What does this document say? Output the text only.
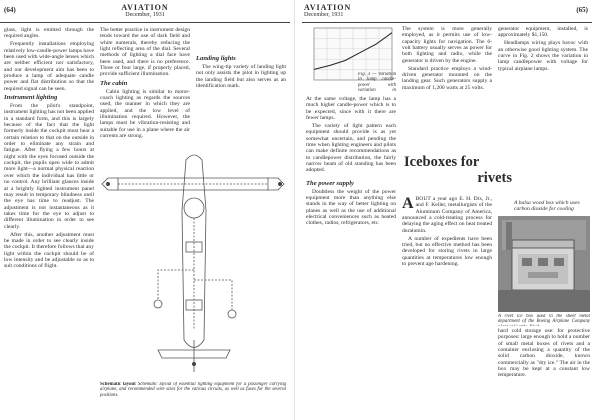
(64)	AVIATION
December, 1931

glass, light is emitted through the required angles.

Frequently installations employing relatively low-candle-power lamps have been used with wide-angle lenses which are neither efficient nor satisfactory, and our development aim has been to produce a lamp of adequate candle power and flat distribution so that the required signal can be seen.

Instrument lighting

From the pilot's standpoint, instrument lighting has not been applied in a standard form, and this is largely because of the fact that the light formerly inside the cockpit must bear a certain relation to that on the outside in order to eliminate any strain and fatigue. After flying a few hours at night with the eyes focused outside the cockpit, the pupils open wide to admit more light—a normal physical reaction over which the individual has little or no control. Any brilliant glances inside at a brightly lighted instrument panel may result in temporary blindness until the eye has time to readjust. The adjustment is not instantaneous as it takes time for the eye to adjust to different illumination in order to see clearly.

After this, another adjustment must be made in order to see clearly inside the cockpit. It therefore follows that any light within the cockpit should be of low intensity and be adjustable so as to suit conditions of flight.

The better practice in instrument design tends toward the use of dark field and white numerals, thereby reducing the light reflecting area of the dial. Several methods of lighting a dial face have been used, and there is no preference. Three or four large, if properly placed, provide sufficient illumination.

The cabin

Cabin lighting is similar to motor-coach lighting as regards the sources used, the manner in which they are applied, and the low level of illumination required. However, the lamps must be vibration-resisting and suitable for use in a plane where the air currents are strong.

Landing lights

The wing-tip variety of landing light not only assists the pilot in lighting up the landing field but also serves as an identification mark.

Schematic layout Schematic layout of essential lighting equipment for a passenger carrying airplane, and recommended wire sizes for the various circuits, as well as fuses for the several positions.
AVIATION
December, 1931
(65)
Fig. 3 — Variation in lamp candle-power with variation in

At the same voltage, the lamp has a much higher candle-power which is to be expected, since with it there are fewer lamps.

The variety of light pattern each equipment should provide is as yet somewhat uncertain, and pending the time when lighting engineers and pilots can make definite recommendations as to candlepower distribution, the fairly narrow beam of old standing has been adopted.

The power supply

Doubtless the weight of the power equipment more than anything else stands in the way of better lighting on planes as well as the use of additional electrical conveniences such as heated clothes, radios, refrigerators, etc.

The system is more generally employed, as it permits use of low-capacity lights for navigation. The 6-volt battery usually serves as power for both lighting and radio, while the generator is driven by the engine.

Standard practice employs a wind-driven generator mounted on the landing gear. Such generators supply a maximum of 1,200 watts at 25 volts.

generator equipment, installed, is approximately $1,150.

Headlamps wiring plays havoc with an otherwise good lighting system. The curve in Fig. 2 shows the variation in lamp candlepower with voltage for typical airplane lamps.

Iceboxes for
rivets
A balsa wood box which uses carbon dioxide for cooling
A BOUT a year ago E. H. Dix, Jr., and F. Keller, metallurgists of the Aluminum Company of America, announced a cold-treating process for delaying the aging effect on heat treated duralumin.

A number of expedients have been tried, but no effective method has been developed for storing rivets in large quantities at temperatures low enough to prevent age hardening.

A rivet ice box used in the sheet metal department of the Boeing Airplane Company

hard cold storage use: for protective purposes: large enough to hold a number of small metal boxes of rivets and a container enclosing a quantity of the solid carbon dioxide, known commercially as "dry ice." The air in the box may be kept at a constant low temperature.
